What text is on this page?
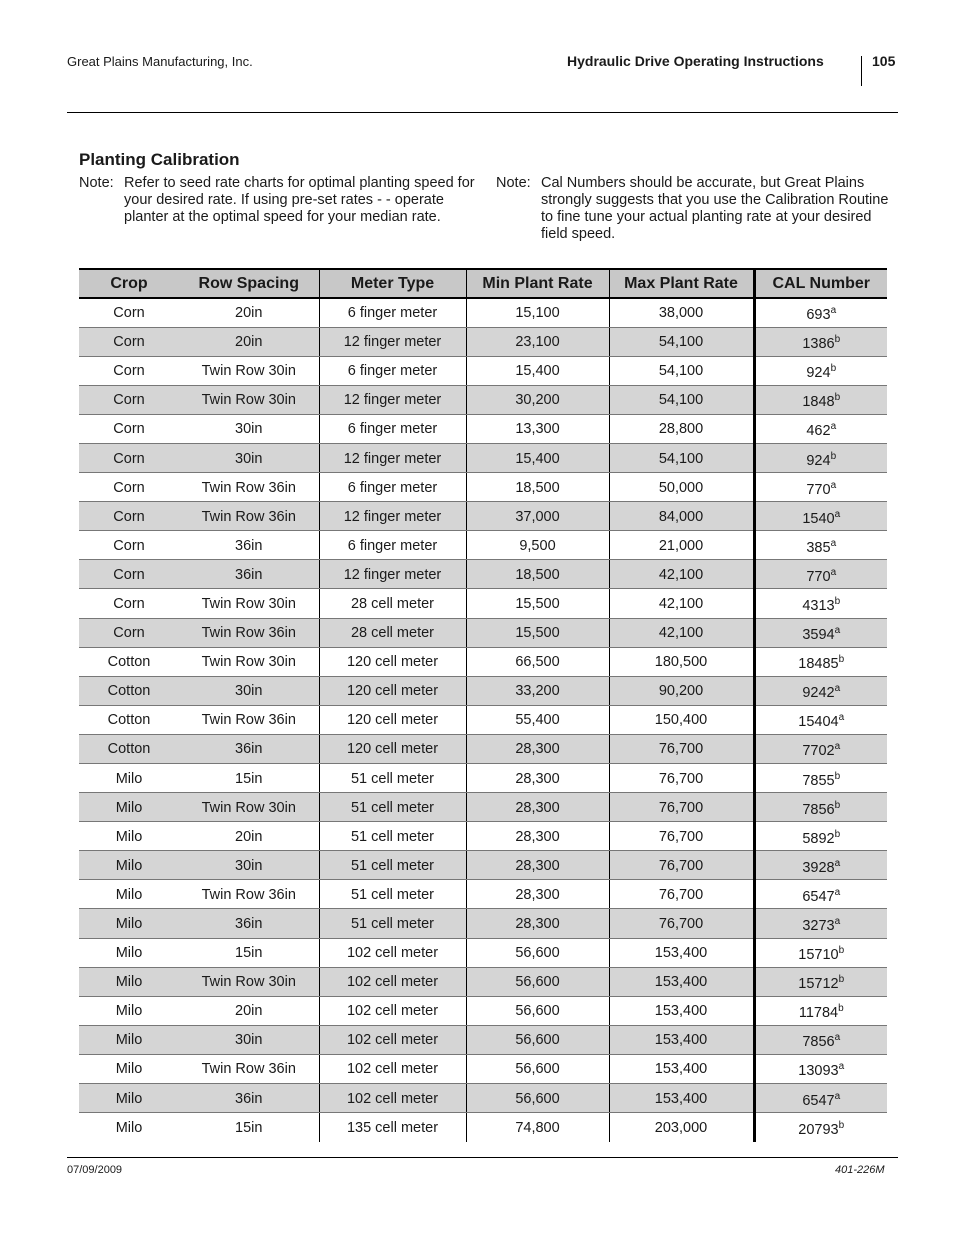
Great Plains Manufacturing, Inc.	Hydraulic Drive Operating Instructions	105
Planting Calibration
Note: Refer to seed rate charts for optimal planting speed for your desired rate. If using pre-set rates - - operate planter at the optimal speed for your median rate.
Note: Cal Numbers should be accurate, but Great Plains strongly suggests that you use the Calibration Routine to fine tune your actual planting rate at your desired field speed.
Crop	Row Spacing	Meter Type	Min Plant Rate	Max Plant Rate	CAL Number
Corn	20in	6 finger meter	15,100	38,000	693$^a$
Corn	20in	12 finger meter	23,100	54,100	1386$^b$
Corn	Twin Row 30in	6 finger meter	15,400	54,100	924$^b$
Corn	Twin Row 30in	12 finger meter	30,200	54,100	1848$^b$
Corn	30in	6 finger meter	13,300	28,800	462$^a$
Corn	30in	12 finger meter	15,400	54,100	924$^b$
Corn	Twin Row 36in	6 finger meter	18,500	50,000	770$^a$
Corn	Twin Row 36in	12 finger meter	37,000	84,000	1540$^a$
Corn	36in	6 finger meter	9,500	21,000	385$^a$
Corn	36in	12 finger meter	18,500	42,100	770$^a$
Corn	Twin Row 30in	28 cell meter	15,500	42,100	4313$^b$
Corn	Twin Row 36in	28 cell meter	15,500	42,100	3594$^a$
Cotton	Twin Row 30in	120 cell meter	66,500	180,500	18485$^b$
Cotton	30in	120 cell meter	33,200	90,200	9242$^a$
Cotton	Twin Row 36in	120 cell meter	55,400	150,400	15404$^a$
Cotton	36in	120 cell meter	28,300	76,700	7702$^a$
Milo	15in	51 cell meter	28,300	76,700	7855$^b$
Milo	Twin Row 30in	51 cell meter	28,300	76,700	7856$^b$
Milo	20in	51 cell meter	28,300	76,700	5892$^b$
Milo	30in	51 cell meter	28,300	76,700	3928$^a$
Milo	Twin Row 36in	51 cell meter	28,300	76,700	6547$^a$
Milo	36in	51 cell meter	28,300	76,700	3273$^a$
Milo	15in	102 cell meter	56,600	153,400	15710$^b$
Milo	Twin Row 30in	102 cell meter	56,600	153,400	15712$^b$
Milo	20in	102 cell meter	56,600	153,400	11784$^b$
Milo	30in	102 cell meter	56,600	153,400	7856$^a$
Milo	Twin Row 36in	102 cell meter	56,600	153,400	13093$^a$
Milo	36in	102 cell meter	56,600	153,400	6547$^a$
Milo	15in	135 cell meter	74,800	203,000	20793$^b$
07/09/2009	401-226M
